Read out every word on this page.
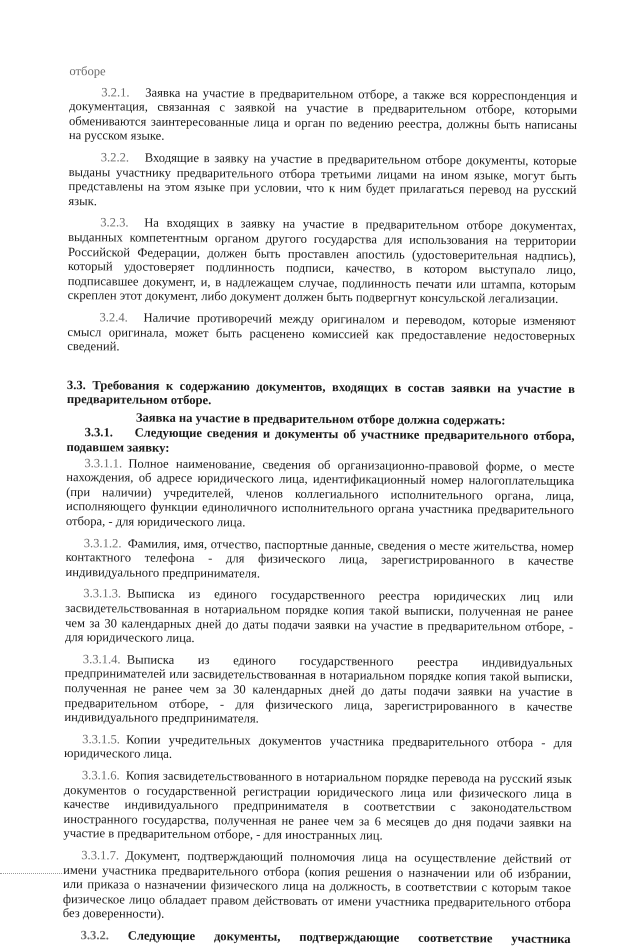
отборе

3.2.1. Заявка на участие в предварительном отборе, а также вся корреспонденция и документация, связанная с заявкой на участие в предварительном отборе, которыми обмениваются заинтересованные лица и орган по ведению реестра, должны быть написаны на русском языке.

3.2.2. Входящие в заявку на участие в предварительном отборе документы, которые выданы участнику предварительного отбора третьими лицами на ином языке, могут быть представлены на этом языке при условии, что к ним будет прилагаться перевод на русский язык.

3.2.3. На входящих в заявку на участие в предварительном отборе документах, выданных компетентным органом другого государства для использования на территории Российской Федерации, должен быть проставлен апостиль (удостоверительная надпись), который удостоверяет подлинность подписи, качество, в котором выступало лицо, подписавшее документ, и, в надлежащем случае, подлинность печати или штампа, которым скреплен этот документ, либо документ должен быть подвергнут консульской легализации.

3.2.4. Наличие противоречий между оригиналом и переводом, которые изменяют смысл оригинала, может быть расценено комиссией как предоставление недостоверных сведений.

3.3. Требования к содержанию документов, входящих в состав заявки на участие в предварительном отборе.

Заявка на участие в предварительном отборе должна содержать:

3.3.1. Следующие сведения и документы об участнике предварительного отбора, подавшем заявку:

3.3.1.1. Полное наименование, сведения об организационно-правовой форме, о месте нахождения, об адресе юридического лица, идентификационный номер налогоплательщика (при наличии) учредителей, членов коллегиального исполнительного органа, лица, исполняющего функции единоличного исполнительного органа участника предварительного отбора, - для юридического лица.

3.3.1.2. Фамилия, имя, отчество, паспортные данные, сведения о месте жительства, номер контактного телефона - для физического лица, зарегистрированного в качестве индивидуального предпринимателя.

3.3.1.3. Выписка из единого государственного реестра юридических лиц или засвидетельствованная в нотариальном порядке копия такой выписки, полученная не ранее чем за 30 календарных дней до даты подачи заявки на участие в предварительном отборе, - для юридического лица.

3.3.1.4. Выписка из единого государственного реестра индивидуальных предпринимателей или засвидетельствованная в нотариальном порядке копия такой выписки, полученная не ранее чем за 30 календарных дней до даты подачи заявки на участие в предварительном отборе, - для физического лица, зарегистрированного в качестве индивидуального предпринимателя.

3.3.1.5. Копии учредительных документов участника предварительного отбора - для юридического лица.

3.3.1.6. Копия засвидетельствованного в нотариальном порядке перевода на русский язык документов о государственной регистрации юридического лица или физического лица в качестве индивидуального предпринимателя в соответствии с законодательством иностранного государства, полученная не ранее чем за 6 месяцев до дня подачи заявки на участие в предварительном отборе, - для иностранных лиц.

3.3.1.7. Документ, подтверждающий полномочия лица на осуществление действий от имени участника предварительного отбора (копия решения о назначении или об избрании, или приказа о назначении физического лица на должность, в соответствии с которым такое физическое лицо обладает правом действовать от имени участника предварительного отбора без доверенности).

3.3.2. Следующие документы, подтверждающие соответствие участника
